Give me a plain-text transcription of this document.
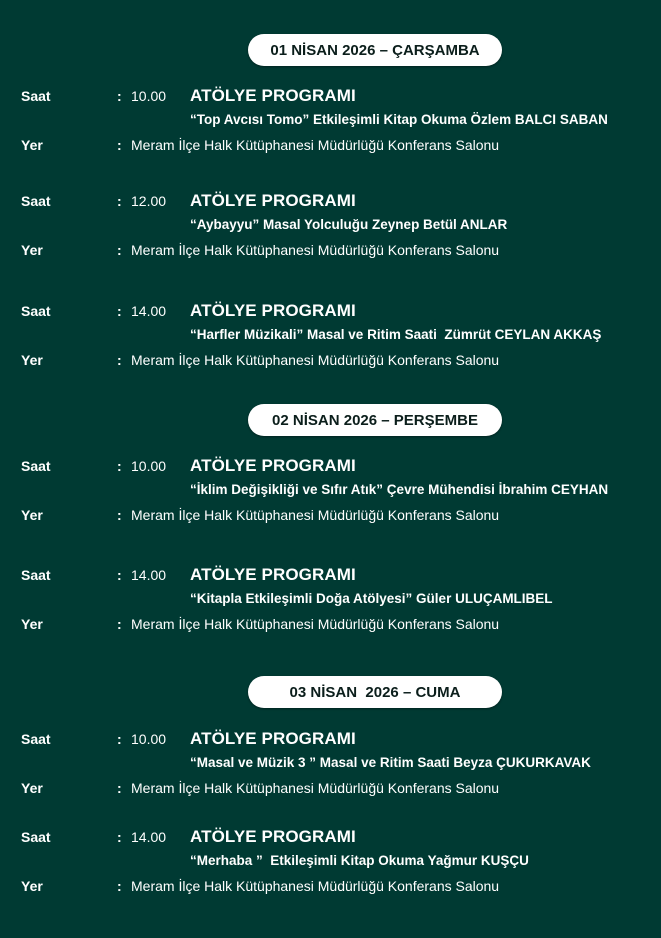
01 NİSAN 2026 – ÇARŞAMBA
Saat	: 10.00 ATÖLYE PROGRAMI
“Top Avcısı Tomo” Etkileşimli Kitap Okuma Özlem BALCI SABAN
Yer	: Meram İlçe Halk Kütüphanesi Müdürlüğü Konferans Salonu
Saat	: 12.00 ATÖLYE PROGRAMI
“Aybayyu” Masal Yolculuğu Zeynep Betül ANLAR
Yer	: Meram İlçe Halk Kütüphanesi Müdürlüğü Konferans Salonu
Saat	: 14.00 ATÖLYE PROGRAMI
“Harfler Müzikali” Masal ve Ritim Saati  Zümrüt CEYLAN AKKAŞ
Yer	: Meram İlçe Halk Kütüphanesi Müdürlüğü Konferans Salonu
02 NİSAN 2026 – PERŞEMBE
Saat	: 10.00 ATÖLYE PROGRAMI
“İklim Değişikliği ve Sıfır Atık” Çevre Mühendisi İbrahim CEYHAN
Yer	: Meram İlçe Halk Kütüphanesi Müdürlüğü Konferans Salonu
Saat	: 14.00 ATÖLYE PROGRAMI
“Kitapla Etkileşimli Doğa Atölyesi” Güler ULUÇAMLIBEL
Yer	: Meram İlçe Halk Kütüphanesi Müdürlüğü Konferans Salonu
03 NİSAN  2026 – CUMA
Saat	: 10.00 ATÖLYE PROGRAMI
“Masal ve Müzik 3 ” Masal ve Ritim Saati Beyza ÇUKURKAVAK
Yer	: Meram İlçe Halk Kütüphanesi Müdürlüğü Konferans Salonu
Saat	: 14.00 ATÖLYE PROGRAMI
“Merhaba ”  Etkileşimli Kitap Okuma Yağmur KUŞÇU
Yer	: Meram İlçe Halk Kütüphanesi Müdürlüğü Konferans Salonu
